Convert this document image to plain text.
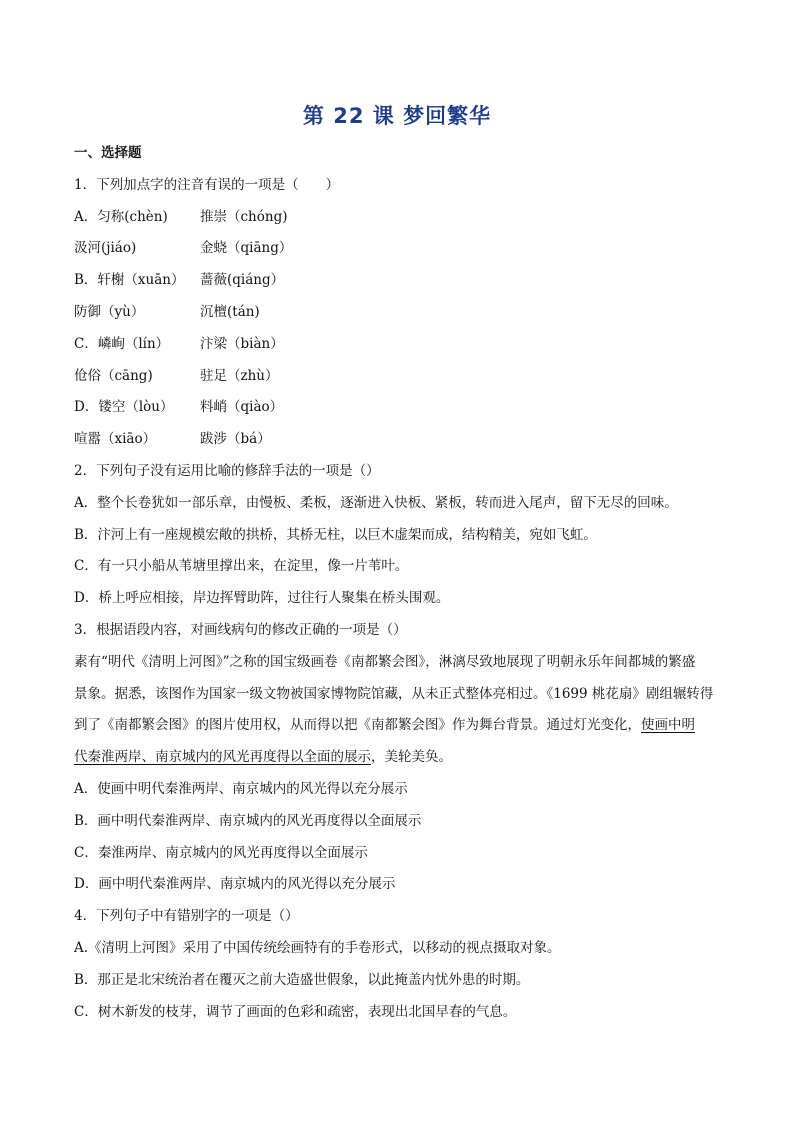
第 22 课 梦回繁华
一、选择题
1．下列加点字的注音有误的一项是（　　）
A．匀称(chèn)	推崇（chóng)
汲河(jiáo)	金蛲（qiāng）
B．轩榭（xuān）	蔷薇(qiáng）
防御（yù）	沉檀(tán)
C．嶙峋（lín）	汴梁（biàn）
伧俗（cāng)	驻足（zhù）
D．镂空（lòu）	料峭（qiào）
喧嚣（xiāo）	跋涉（bá）
2．下列句子没有运用比喻的修辞手法的一项是（）
A．整个长卷犹如一部乐章，由慢板、柔板，逐渐进入快板、紧板，转而进入尾声，留下无尽的回味。
B．汴河上有一座规模宏敞的拱桥，其桥无柱，以巨木虚架而成，结构精美，宛如飞虹。
C．有一只小船从苇塘里撑出来，在淀里，像一片苇叶。
D．桥上呼应相接，岸边挥臂助阵，过往行人聚集在桥头围观。
3．根据语段内容，对画线病句的修改正确的一项是（）
素有“明代《清明上河图》”之称的国宝级画卷《南都繁会图》，淋漓尽致地展现了明朝永乐年间都城的繁盛
景象。据悉，该图作为国家一级文物被国家博物院馆藏，从未正式整体亮相过。《1699 桃花扇》剧组辗转得
到了《南都繁会图》的图片使用权，从而得以把《南都繁会图》作为舞台背景。通过灯光变化，使画中明
代秦淮两岸、南京城内的风光再度得以全面的展示，美轮美奂。
A．使画中明代秦淮两岸、南京城内的风光得以充分展示
B．画中明代秦淮两岸、南京城内的风光再度得以全面展示
C．秦淮两岸、南京城内的风光再度得以全面展示
D．画中明代秦淮两岸、南京城内的风光得以充分展示
4．下列句子中有错别字的一项是（）
A.《清明上河图》采用了中国传统绘画特有的手卷形式，以移动的视点摄取对象。
B．那正是北宋统治者在覆灭之前大造盛世假象，以此掩盖内忧外患的时期。
C．树木新发的枝芽，调节了画面的色彩和疏密，表现出北国早春的气息。
